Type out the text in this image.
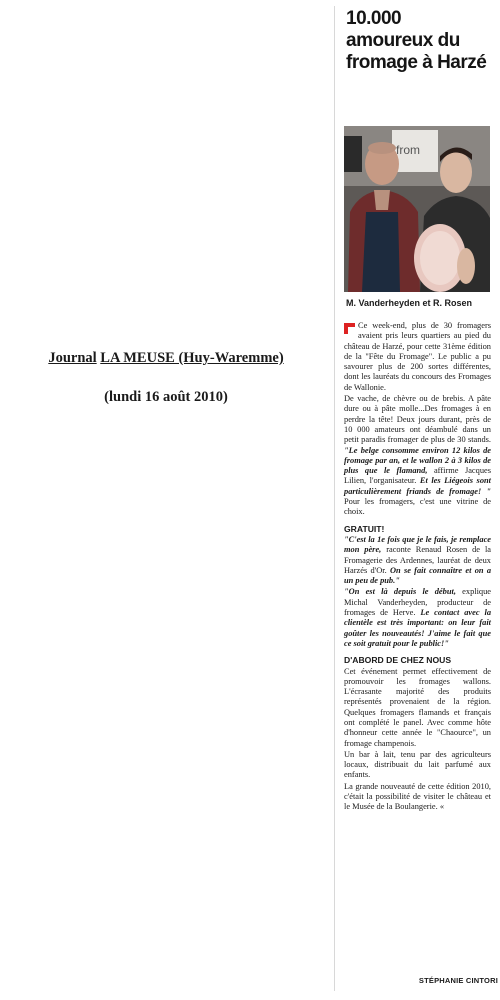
Journal LA MEUSE (Huy-Waremme)
(lundi 16 août 2010)
10.000 amoureux du fromage à Harzé
from
M. Vanderheyden et R. Rosen

Ce week-end, plus de 30 fromagers avaient pris leurs quartiers au pied du château de Harzé, pour cette 31ème édition de la "Fête du Fromage". Le public a pu savourer plus de 200 sortes différentes, dont les lauréats du concours des Fromages de Wallonie.

De vache, de chèvre ou de brebis. A pâte dure ou à pâte molle...Des fromages à en perdre la tête! Deux jours durant, près de 10 000 amateurs ont déambulé dans un petit paradis fromager de plus de 30 stands. "Le belge consomme environ 12 kilos de fromage par an, et le wallon 2 à 3 kilos de plus que le flamand, affirme Jacques Lilien, l'organisateur. Et les Liégeois sont particulièrement friands de fromage! " Pour les fromagers, c'est une vitrine de choix.

GRATUIT!

"C'est la 1e fois que je le fais, je remplace mon père, raconte Renaud Rosen de la Fromagerie des Ardennes, lauréat de deux Harzés d'Or. On se fait connaître et on a un peu de pub."

"On est là depuis le début, explique Michal Vanderheyden, producteur de fromages de Herve. Le contact avec la clientèle est très important: on leur fait goûter les nouveautés! J'aime le fait que ce soit gratuit pour le public!"

D'ABORD DE CHEZ NOUS

Cet événement permet effectivement de promouvoir les fromages wallons. L'écrasante majorité des produits représentés provenaient de la région. Quelques fromagers flamands et français ont complété le panel. Avec comme hôte d'honneur cette année le "Chaource", un fromage champenois.

Un bar à lait, tenu par des agriculteurs locaux, distribuait du lait parfumé aux enfants.

La grande nouveauté de cette édition 2010, c'était la possibilité de visiter le château et le Musée de la Boulangerie. «

STÉPHANIE CINTORI
